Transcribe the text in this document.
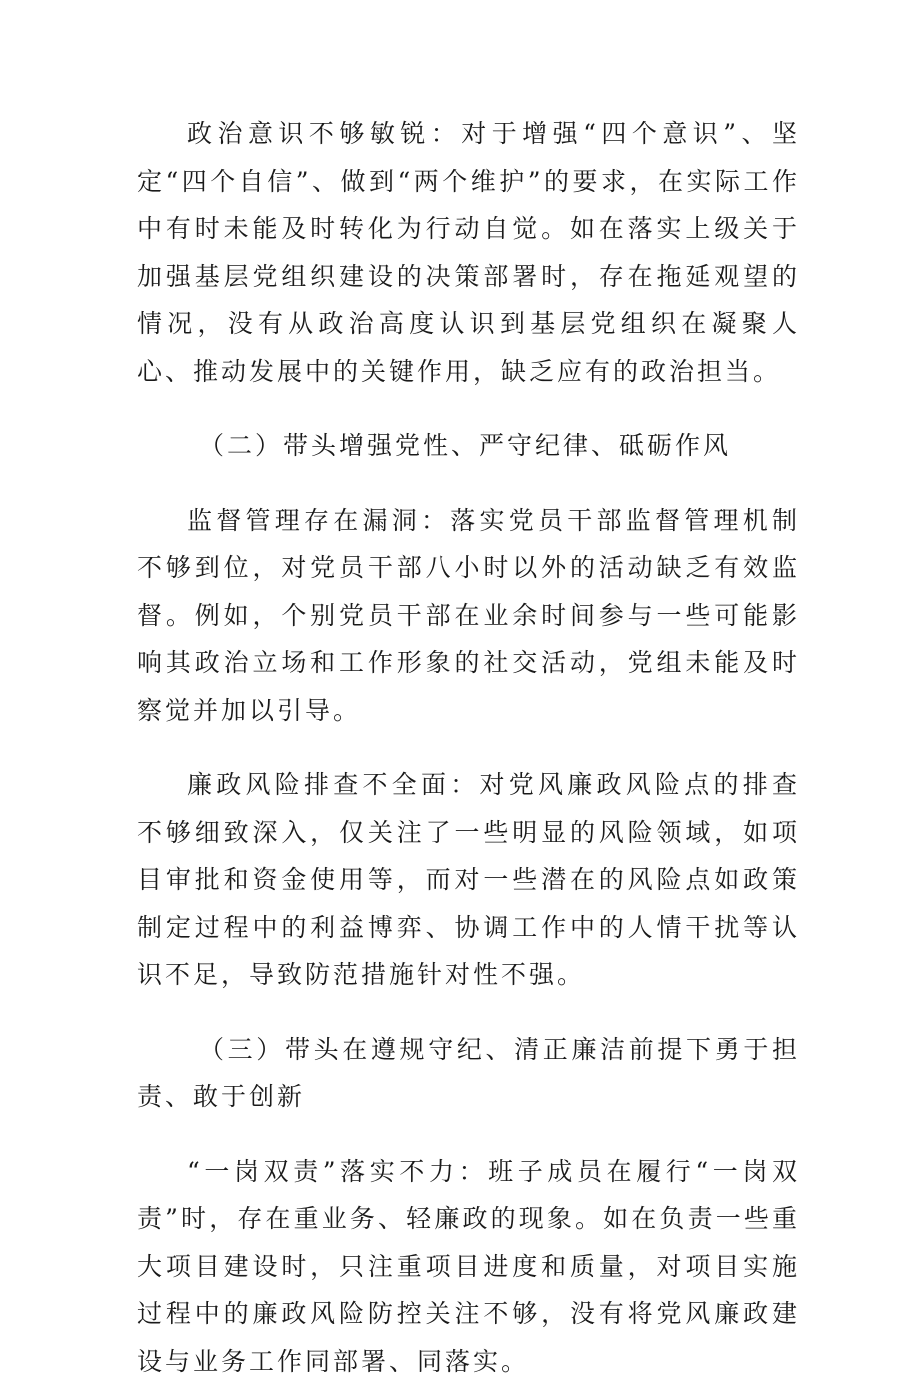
政治意识不够敏锐：对于增强“四个意识”、坚定“四个自信”、做到“两个维护”的要求，在实际工作中有时未能及时转化为行动自觉。如在落实上级关于加强基层党组织建设的决策部署时，存在拖延观望的情况，没有从政治高度认识到基层党组织在凝聚人心、推动发展中的关键作用，缺乏应有的政治担当。

（二）带头增强党性、严守纪律、砥砺作风

监督管理存在漏洞：落实党员干部监督管理机制不够到位，对党员干部八小时以外的活动缺乏有效监督。例如，个别党员干部在业余时间参与一些可能影响其政治立场和工作形象的社交活动，党组未能及时察觉并加以引导。

廉政风险排查不全面：对党风廉政风险点的排查不够细致深入，仅关注了一些明显的风险领域，如项目审批和资金使用等，而对一些潜在的风险点如政策制定过程中的利益博弈、协调工作中的人情干扰等认识不足，导致防范措施针对性不强。

（三）带头在遵规守纪、清正廉洁前提下勇于担责、敢于创新

“一岗双责”落实不力：班子成员在履行“一岗双责”时，存在重业务、轻廉政的现象。如在负责一些重大项目建设时，只注重项目进度和质量，对项目实施过程中的廉政风险防控关注不够，没有将党风廉政建设与业务工作同部署、同落实。
